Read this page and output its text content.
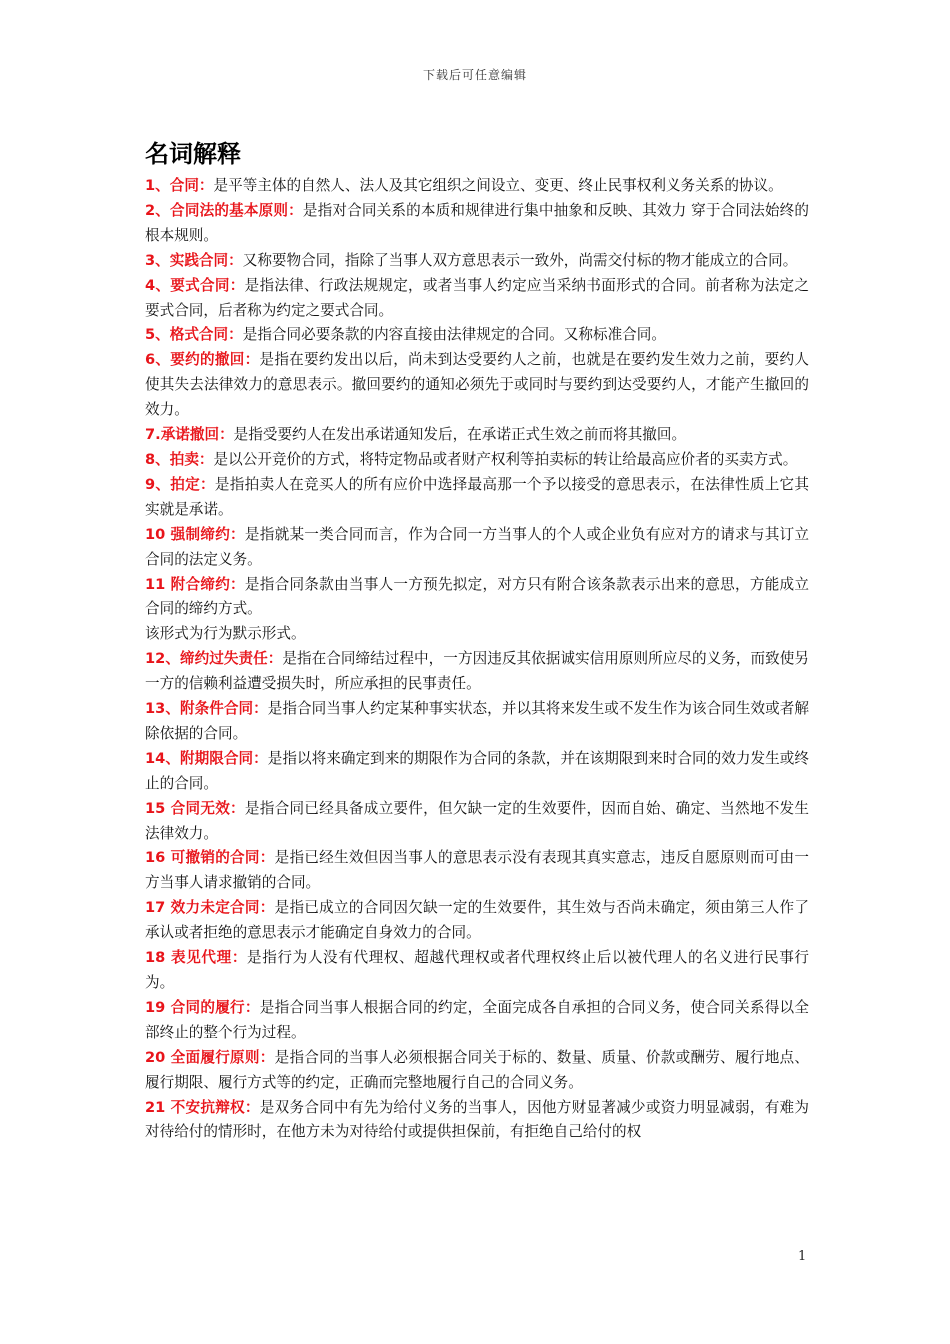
下载后可任意编辑
名词解释

1、合同：是平等主体的自然人、法人及其它组织之间设立、变更、终止民事权利义务关系的协议。

2、合同法的基本原则：是指对合同关系的本质和规律进行集中抽象和反映、其效力 穿于合同法始终的根本规则。

3、实践合同：又称要物合同，指除了当事人双方意思表示一致外，尚需交付标的物才能成立的合同。

4、要式合同：是指法律、行政法规规定，或者当事人约定应当采纳书面形式的合同。前者称为法定之要式合同，后者称为约定之要式合同。

5、格式合同：是指合同必要条款的内容直接由法律规定的合同。又称标准合同。

6、要约的撤回：是指在要约发出以后，尚未到达受要约人之前，也就是在要约发生效力之前，要约人使其失去法律效力的意思表示。撤回要约的通知必须先于或同时与要约到达受要约人，才能产生撤回的效力。

7.承诺撤回：是指受要约人在发出承诺通知发后，在承诺正式生效之前而将其撤回。

8、拍卖：是以公开竞价的方式，将特定物品或者财产权利等拍卖标的转让给最高应价者的买卖方式。

9、拍定：是指拍卖人在竞买人的所有应价中选择最高那一个予以接受的意思表示，在法律性质上它其实就是承诺。

10 强制缔约：是指就某一类合同而言，作为合同一方当事人的个人或企业负有应对方的请求与其订立合同的法定义务。

11 附合缔约：是指合同条款由当事人一方预先拟定，对方只有附合该条款表示出来的意思，方能成立合同的缔约方式。

该形式为行为默示形式。

12、缔约过失责任：是指在合同缔结过程中，一方因违反其依据诚实信用原则所应尽的义务，而致使另一方的信赖利益遭受损失时，所应承担的民事责任。

13、附条件合同：是指合同当事人约定某种事实状态，并以其将来发生或不发生作为该合同生效或者解除依据的合同。

14、附期限合同：是指以将来确定到来的期限作为合同的条款，并在该期限到来时合同的效力发生或终止的合同。

15 合同无效：是指合同已经具备成立要件，但欠缺一定的生效要件，因而自始、确定、当然地不发生法律效力。

16 可撤销的合同：是指已经生效但因当事人的意思表示没有表现其真实意志，违反自愿原则而可由一方当事人请求撤销的合同。

17 效力未定合同：是指已成立的合同因欠缺一定的生效要件，其生效与否尚未确定，须由第三人作了承认或者拒绝的意思表示才能确定自身效力的合同。

18 表见代理：是指行为人没有代理权、超越代理权或者代理权终止后以被代理人的名义进行民事行为。

19 合同的履行：是指合同当事人根据合同的约定，全面完成各自承担的合同义务，使合同关系得以全部终止的整个行为过程。

20 全面履行原则：是指合同的当事人必须根据合同关于标的、数量、质量、价款或酬劳、履行地点、履行期限、履行方式等的约定，正确而完整地履行自己的合同义务。

21 不安抗辩权：是双务合同中有先为给付义务的当事人，因他方财显著减少或资力明显减弱，有难为对待给付的情形时，在他方未为对待给付或提供担保前，有拒绝自己给付的权

1
